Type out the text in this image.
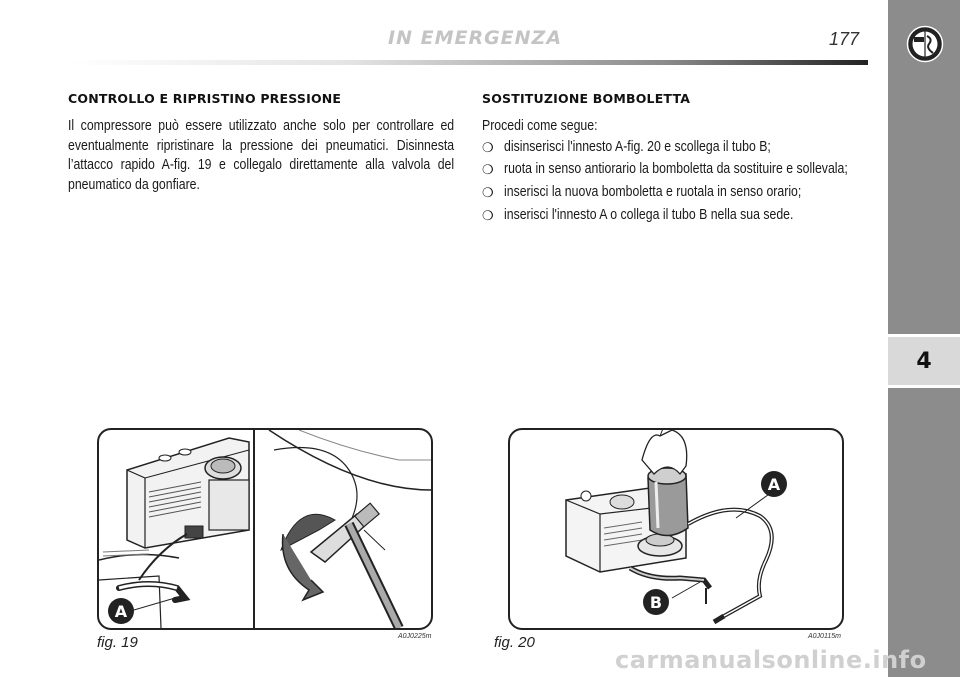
IN EMERGENZA	177
4
CONTROLLO E RIPRISTINO PRESSIONE
Il compressore può essere utilizzato anche solo per controllare ed eventualmente ripristinare la pressione dei pneumatici. Disinnesta l’attacco rapido A-fig. 19 e collegalo direttamente alla valvola del pneumatico da gonfiare.
SOSTITUZIONE BOMBOLETTA
Procedi come segue:
❍ disinserisci l'innesto A-fig. 20 e scollega il tubo B;
❍ ruota in senso antiorario la bomboletta da sostituire e sollevala;
❍ inserisci la nuova bomboletta e ruotala in senso orario;
❍ inserisci l'innesto A o collega il tubo B nella sua sede.
A
fig. 19	A0J0225m
A
B
fig. 20	A0J0115m
carmanualsonline.info
